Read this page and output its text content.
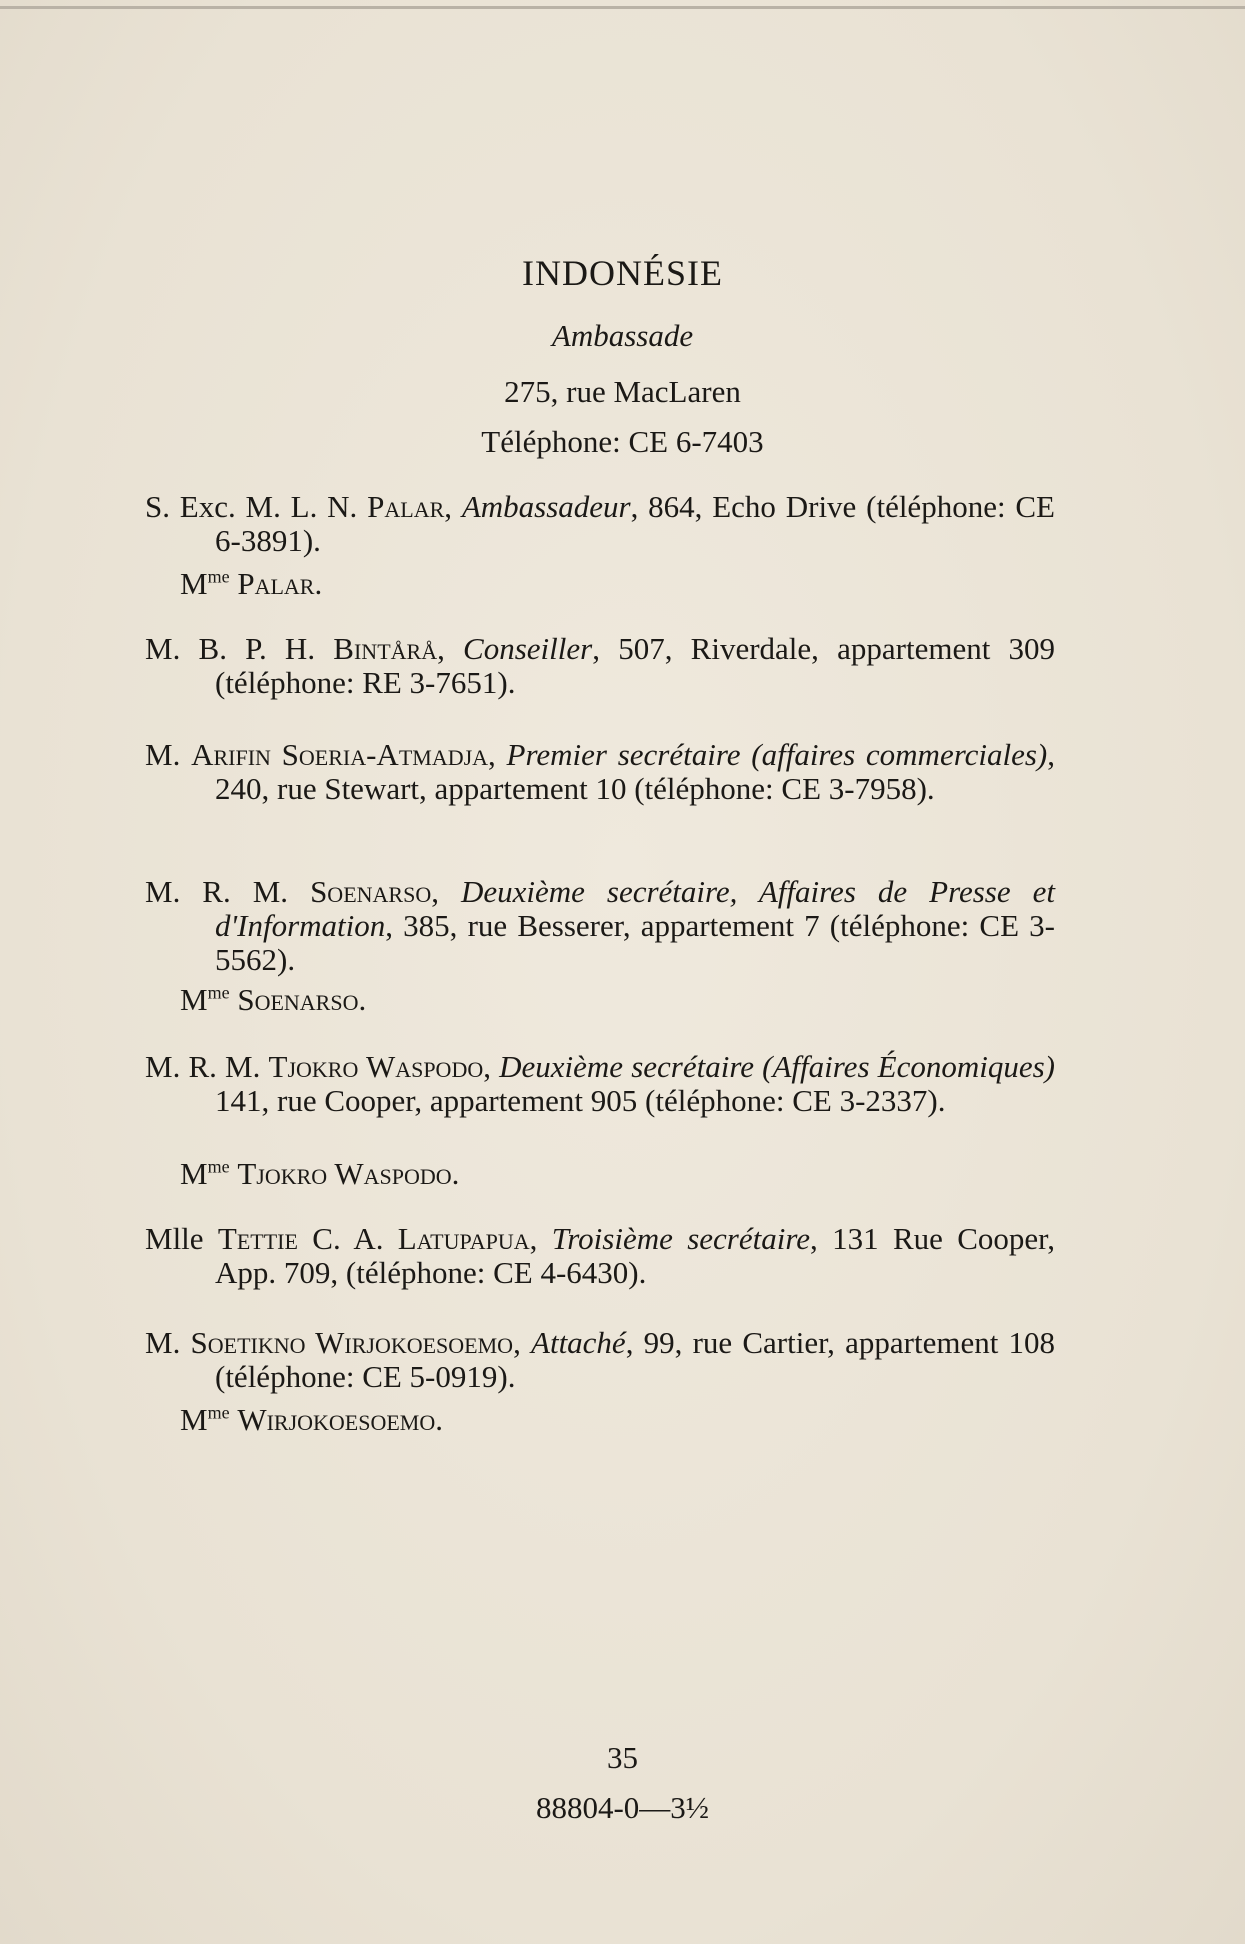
INDONÉSIE
Ambassade
275, rue MacLaren
Téléphone: CE 6-7403
S. Exc. M. L. N. Palar, Ambassadeur, 864, Echo Drive (téléphone: CE 6-3891).
$M^{me}$ Palar.
M. B. P. H. Bintårå, Conseiller, 507, Riverdale, appartement 309 (téléphone: RE 3-7651).
M. Arifin Soeria-Atmadja, Premier secrétaire (affaires commerciales), 240, rue Stewart, appartement 10 (téléphone: CE 3-7958).
M. R. M. Soenarso, Deuxième secrétaire, Affaires de Presse et d'Information, 385, rue Besserer, appartement 7 (téléphone: CE 3-5562).
$M^{me}$ Soenarso.
M. R. M. Tjokro Waspodo, Deuxième secrétaire (Affaires Économiques) 141, rue Cooper, appartement 905 (téléphone: CE 3-2337).
$M^{me}$ Tjokro Waspodo.
Mlle Tettie C. A. Latupapua, Troisième secrétaire, 131 Rue Cooper, App. 709, (téléphone: CE 4-6430).
M. Soetikno Wirjokoesoemo, Attaché, 99, rue Cartier, appartement 108 (téléphone: CE 5-0919).
$M^{me}$ Wirjokoesoemo.
35
88804-0—3½
